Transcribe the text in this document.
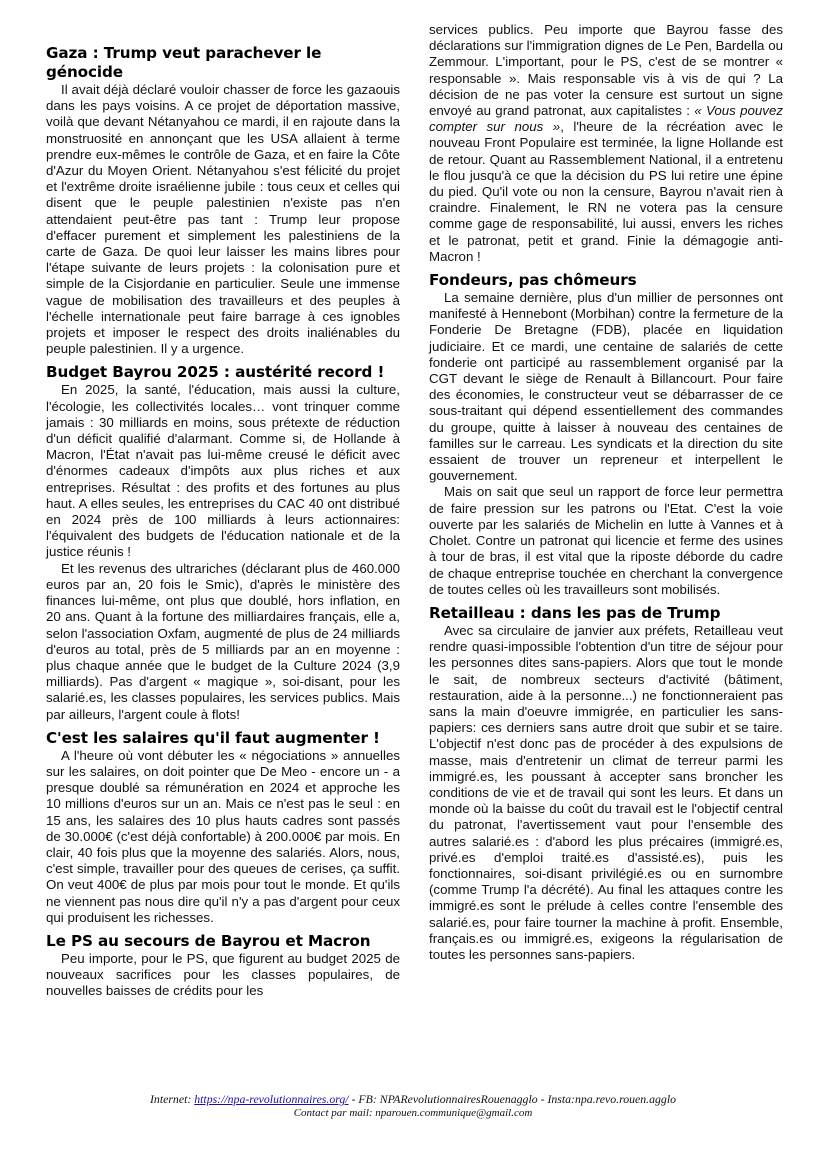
Gaza : Trump veut parachever le génocide

Il avait déjà déclaré vouloir chasser de force les gazaouis dans les pays voisins. A ce projet de déportation massive, voilà que devant Nétanyahou ce mardi, il en rajoute dans la monstruosité en annonçant que les USA allaient à terme prendre eux-mêmes le contrôle de Gaza, et en faire la Côte d'Azur du Moyen Orient. Nétanyahou s'est félicité du projet et l'extrême droite israélienne jubile : tous ceux et celles qui disent que le peuple palestinien n'existe pas n'en attendaient peut-être pas tant : Trump leur propose d'effacer purement et simplement les palestiniens de la carte de Gaza. De quoi leur laisser les mains libres pour l'étape suivante de leurs projets : la colonisation pure et simple de la Cisjordanie en particulier. Seule une immense vague de mobilisation des travailleurs et des peuples à l'échelle internationale peut faire barrage à ces ignobles projets et imposer le respect des droits inaliénables du peuple palestinien. Il y a urgence.

Budget Bayrou 2025 : austérité record !

En 2025, la santé, l'éducation, mais aussi la culture, l'écologie, les collectivités locales… vont trinquer comme jamais : 30 milliards en moins, sous prétexte de réduction d'un déficit qualifié d'alarmant. Comme si, de Hollande à Macron, l'État n'avait pas lui-même creusé le déficit avec d'énormes cadeaux d'impôts aux plus riches et aux entreprises. Résultat : des profits et des fortunes au plus haut. A elles seules, les entreprises du CAC 40 ont distribué en 2024 près de 100 milliards à leurs actionnaires: l'équivalent des budgets de l'éducation nationale et de la justice réunis !

Et les revenus des ultrariches (déclarant plus de 460.000 euros par an, 20 fois le Smic), d'après le ministère des finances lui-même, ont plus que doublé, hors inflation, en 20 ans. Quant à la fortune des milliardaires français, elle a, selon l'association Oxfam, augmenté de plus de 24 milliards d'euros au total, près de 5 milliards par an en moyenne : plus chaque année que le budget de la Culture 2024 (3,9 milliards). Pas d'argent « magique », soi-disant, pour les salarié.es, les classes populaires, les services publics. Mais par ailleurs, l'argent coule à flots!

C'est les salaires qu'il faut augmenter !

A l'heure où vont débuter les « négociations » annuelles sur les salaires, on doit pointer que De Meo - encore un - a presque doublé sa rémunération en 2024 et approche les 10 millions d'euros sur un an. Mais ce n'est pas le seul : en 15 ans, les salaires des 10 plus hauts cadres sont passés de 30.000€ (c'est déjà confortable) à 200.000€ par mois. En clair, 40 fois plus que la moyenne des salariés. Alors, nous, c'est simple, travailler pour des queues de cerises, ça suffit. On veut 400€ de plus par mois pour tout le monde. Et qu'ils ne viennent pas nous dire qu'il n'y a pas d'argent pour ceux qui produisent les richesses.

Le PS au secours de Bayrou et Macron

Peu importe, pour le PS, que figurent au budget 2025 de nouveaux sacrifices pour les classes populaires, de nouvelles baisses de crédits pour les

services publics. Peu importe que Bayrou fasse des déclarations sur l'immigration dignes de Le Pen, Bardella ou Zemmour. L'important, pour le PS, c'est de se montrer « responsable ». Mais responsable vis à vis de qui ? La décision de ne pas voter la censure est surtout un signe envoyé au grand patronat, aux capitalistes : « Vous pouvez compter sur nous », l'heure de la récréation avec le nouveau Front Populaire est terminée, la ligne Hollande est de retour. Quant au Rassemblement National, il a entretenu le flou jusqu'à ce que la décision du PS lui retire une épine du pied. Qu'il vote ou non la censure, Bayrou n'avait rien à craindre. Finalement, le RN ne votera pas la censure comme gage de responsabilité, lui aussi, envers les riches et le patronat, petit et grand. Finie la démagogie anti-Macron !

Fondeurs, pas chômeurs

La semaine dernière, plus d'un millier de personnes ont manifesté à Hennebont (Morbihan) contre la fermeture de la Fonderie De Bretagne (FDB), placée en liquidation judiciaire. Et ce mardi, une centaine de salariés de cette fonderie ont participé au rassemblement organisé par la CGT devant le siège de Renault à Billancourt. Pour faire des économies, le constructeur veut se débarrasser de ce sous-traitant qui dépend essentiellement des commandes du groupe, quitte à laisser à nouveau des centaines de familles sur le carreau. Les syndicats et la direction du site essaient de trouver un repreneur et interpellent le gouvernement.

Mais on sait que seul un rapport de force leur permettra de faire pression sur les patrons ou l'Etat. C'est la voie ouverte par les salariés de Michelin en lutte à Vannes et à Cholet. Contre un patronat qui licencie et ferme des usines à tour de bras, il est vital que la riposte déborde du cadre de chaque entreprise touchée en cherchant la convergence de toutes celles où les travailleurs sont mobilisés.

Retailleau : dans les pas de Trump

Avec sa circulaire de janvier aux préfets, Retailleau veut rendre quasi-impossible l'obtention d'un titre de séjour pour les personnes dites sans-papiers. Alors que tout le monde le sait, de nombreux secteurs d'activité (bâtiment, restauration, aide à la personne...) ne fonctionneraient pas sans la main d'oeuvre immigrée, en particulier les sans-papiers: ces derniers sans autre droit que subir et se taire. L'objectif n'est donc pas de procéder à des expulsions de masse, mais d'entretenir un climat de terreur parmi les immigré.es, les poussant à accepter sans broncher les conditions de vie et de travail qui sont les leurs. Et dans un monde où la baisse du coût du travail est le l'objectif central du patronat, l'avertissement vaut pour l'ensemble des autres salarié.es : d'abord les plus précaires (immigré.es, privé.es d'emploi traité.es d'assisté.es), puis les fonctionnaires, soi-disant privilégié.es ou en surnombre (comme Trump l'a décrété). Au final les attaques contre les immigré.es sont le prélude à celles contre l'ensemble des salarié.es, pour faire tourner la machine à profit. Ensemble, français.es ou immigré.es, exigeons la régularisation de toutes les personnes sans-papiers.

Internet: https://npa-revolutionnaires.org/ - FB: NPARevolutionnairesRouenagglo - Insta:npa.revo.rouen.agglo
Contact par mail: nparouen.communique@gmail.com
